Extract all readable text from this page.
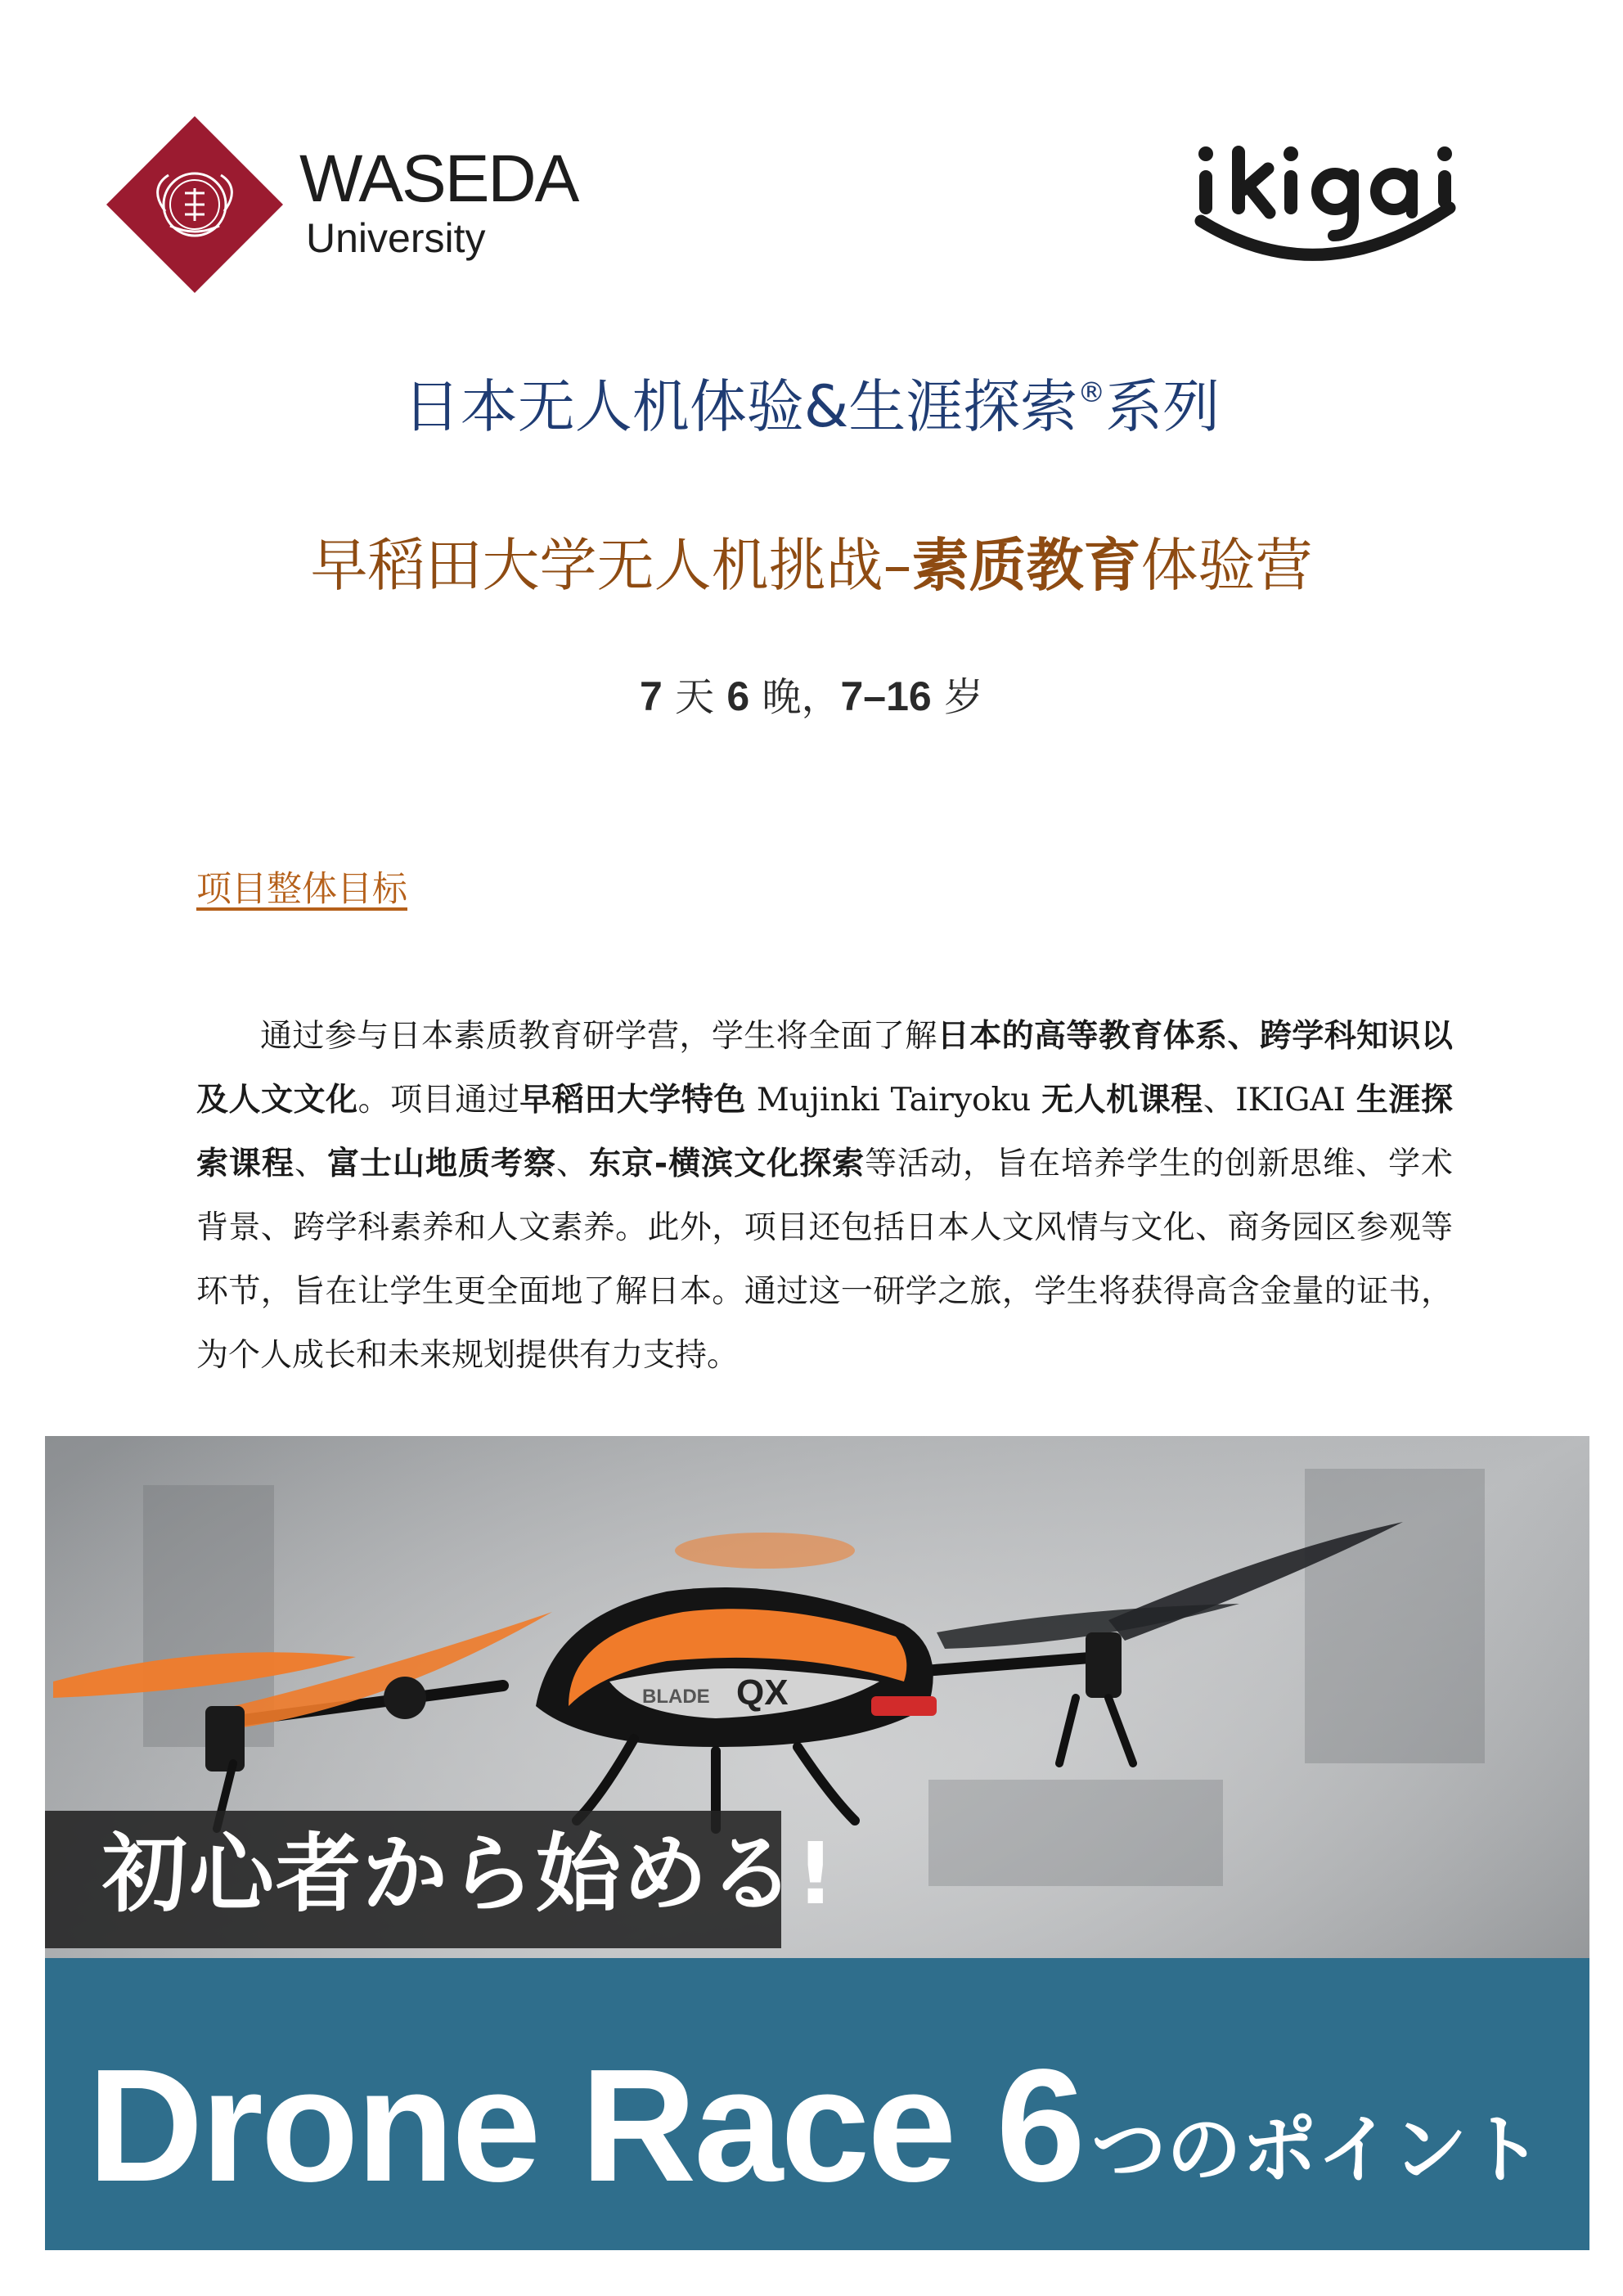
WASEDA
University
日本无人机体验&生涯探索®系列
早稻田大学无人机挑战–素质教育体验营
7 天 6 晚，7–16 岁
项目整体目标

通过参与日本素质教育研学营，学生将全面了解日本的高等教育体系、跨学科知识以及人文文化。项目通过早稻田大学特色 Mujinki Tairyoku 无人机课程、IKIGAI 生涯探索课程、富士山地质考察、东京-横滨文化探索等活动，旨在培养学生的创新思维、学术背景、跨学科素养和人文素养。此外，项目还包括日本人文风情与文化、商务园区参观等环节，旨在让学生更全面地了解日本。通过这一研学之旅，学生将获得高含金量的证书，为个人成长和未来规划提供有力支持。

BLADE QX
初心者から始める!
Drone Race 6 つのポイント
